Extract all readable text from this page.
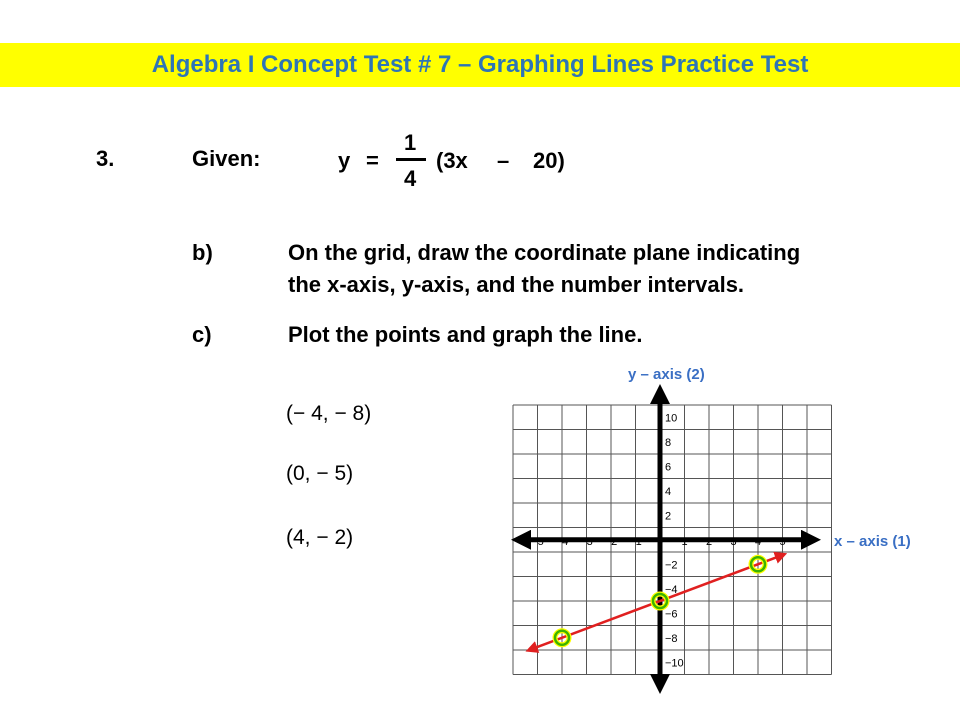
Algebra I Concept Test # 7 – Graphing Lines Practice Test
3.	Given:	y =
1
4
(3x – 20)
b)	On the grid, draw the coordinate plane indicating
the x-axis, y-axis, and the number intervals.
c)	Plot the points and graph the line.
(− 4, − 8)
(0, − 5)
(4, − 2)
y – axis (2)
x – axis (1)
−5 −4 −3 −2 −1 0 1 2 3 4 5
10
8
6
4
2
−2
−4
−6
−8
−10
